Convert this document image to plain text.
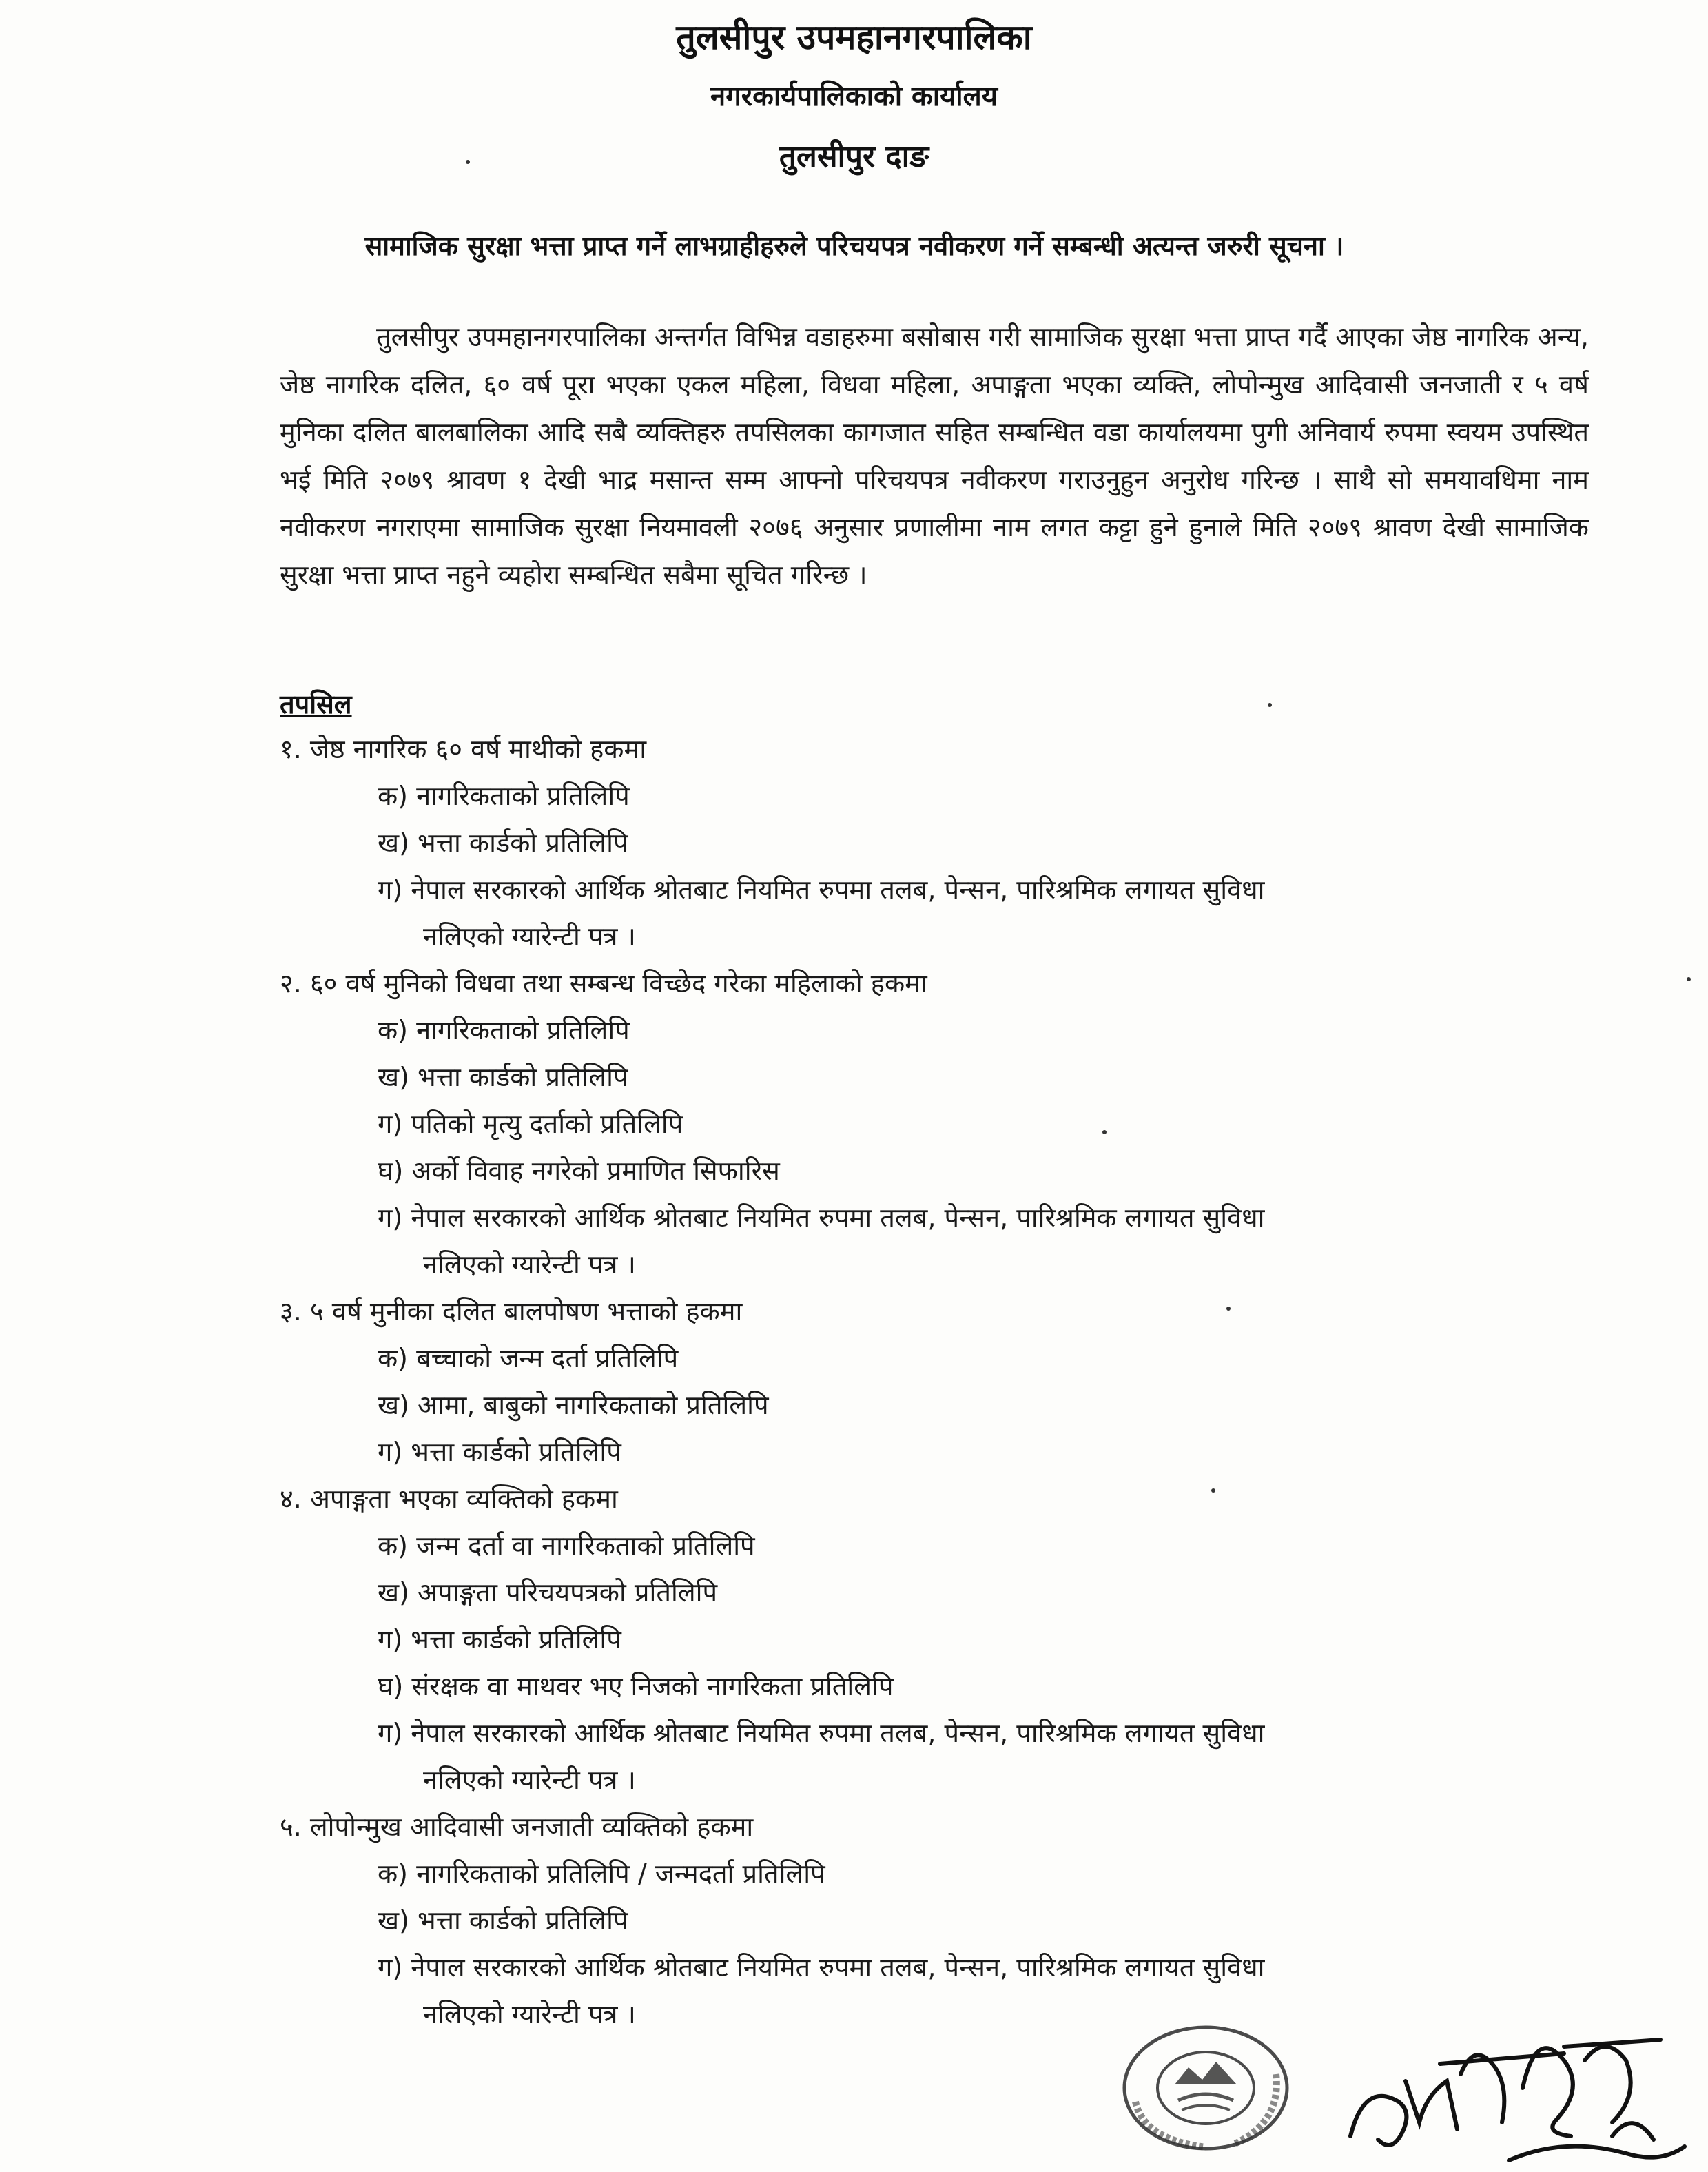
तुलसीपुर उपमहानगरपालिका
नगरकार्यपालिकाको कार्यालय
तुलसीपुर दाङ
सामाजिक सुरक्षा भत्ता प्राप्त गर्ने लाभग्राहीहरुले परिचयपत्र नवीकरण गर्ने सम्बन्धी अत्यन्त जरुरी सूचना ।
तुलसीपुर उपमहानगरपालिका अन्तर्गत विभिन्न वडाहरुमा बसोबास गरी सामाजिक सुरक्षा भत्ता प्राप्त गर्दै आएका जेष्ठ नागरिक अन्य, जेष्ठ नागरिक दलित, ६० वर्ष पूरा भएका एकल महिला, विधवा महिला, अपाङ्गता भएका व्यक्ति, लोपोन्मुख आदिवासी जनजाती र ५ वर्ष मुनिका दलित बालबालिका आदि सबै व्यक्तिहरु तपसिलका कागजात सहित सम्बन्धित वडा कार्यालयमा पुगी अनिवार्य रुपमा स्वयम उपस्थित भई मिति २०७९ श्रावण १ देखी भाद्र मसान्त सम्म आफ्नो परिचयपत्र नवीकरण गराउनुहुन अनुरोध गरिन्छ । साथै सो समयावधिमा नाम नवीकरण नगराएमा सामाजिक सुरक्षा नियमावली २०७६ अनुसार प्रणालीमा नाम लगत कट्टा हुने हुनाले मिति २०७९ श्रावण देखी सामाजिक सुरक्षा भत्ता प्राप्त नहुने व्यहोरा सम्बन्धित सबैमा सूचित गरिन्छ ।
तपसिल
१. जेष्ठ नागरिक ६० वर्ष माथीको हकमा
क) नागरिकताको प्रतिलिपि
ख) भत्ता कार्डको प्रतिलिपि
ग) नेपाल सरकारको आर्थिक श्रोतबाट नियमित रुपमा तलब, पेन्सन, पारिश्रमिक लगायत सुविधा
नलिएको ग्यारेन्टी पत्र ।
२. ६० वर्ष मुनिको विधवा तथा सम्बन्ध विच्छेद गरेका महिलाको हकमा
क) नागरिकताको प्रतिलिपि
ख) भत्ता कार्डको प्रतिलिपि
ग) पतिको मृत्यु दर्ताको प्रतिलिपि
घ) अर्को विवाह नगरेको प्रमाणित सिफारिस
ग) नेपाल सरकारको आर्थिक श्रोतबाट नियमित रुपमा तलब, पेन्सन, पारिश्रमिक लगायत सुविधा
नलिएको ग्यारेन्टी पत्र ।
३. ५ वर्ष मुनीका दलित बालपोषण भत्ताको हकमा
क) बच्चाको जन्म दर्ता प्रतिलिपि
ख) आमा, बाबुको नागरिकताको प्रतिलिपि
ग) भत्ता कार्डको प्रतिलिपि
४. अपाङ्गता भएका व्यक्तिको हकमा
क) जन्म दर्ता वा नागरिकताको प्रतिलिपि
ख) अपाङ्गता परिचयपत्रको प्रतिलिपि
ग) भत्ता कार्डको प्रतिलिपि
घ) संरक्षक वा माथवर भए निजको नागरिकता प्रतिलिपि
ग) नेपाल सरकारको आर्थिक श्रोतबाट नियमित रुपमा तलब, पेन्सन, पारिश्रमिक लगायत सुविधा
नलिएको ग्यारेन्टी पत्र ।
५. लोपोन्मुख आदिवासी जनजाती व्यक्तिको हकमा
क) नागरिकताको प्रतिलिपि / जन्मदर्ता प्रतिलिपि
ख) भत्ता कार्डको प्रतिलिपि
ग) नेपाल सरकारको आर्थिक श्रोतबाट नियमित रुपमा तलब, पेन्सन, पारिश्रमिक लगायत सुविधा
नलिएको ग्यारेन्टी पत्र ।
